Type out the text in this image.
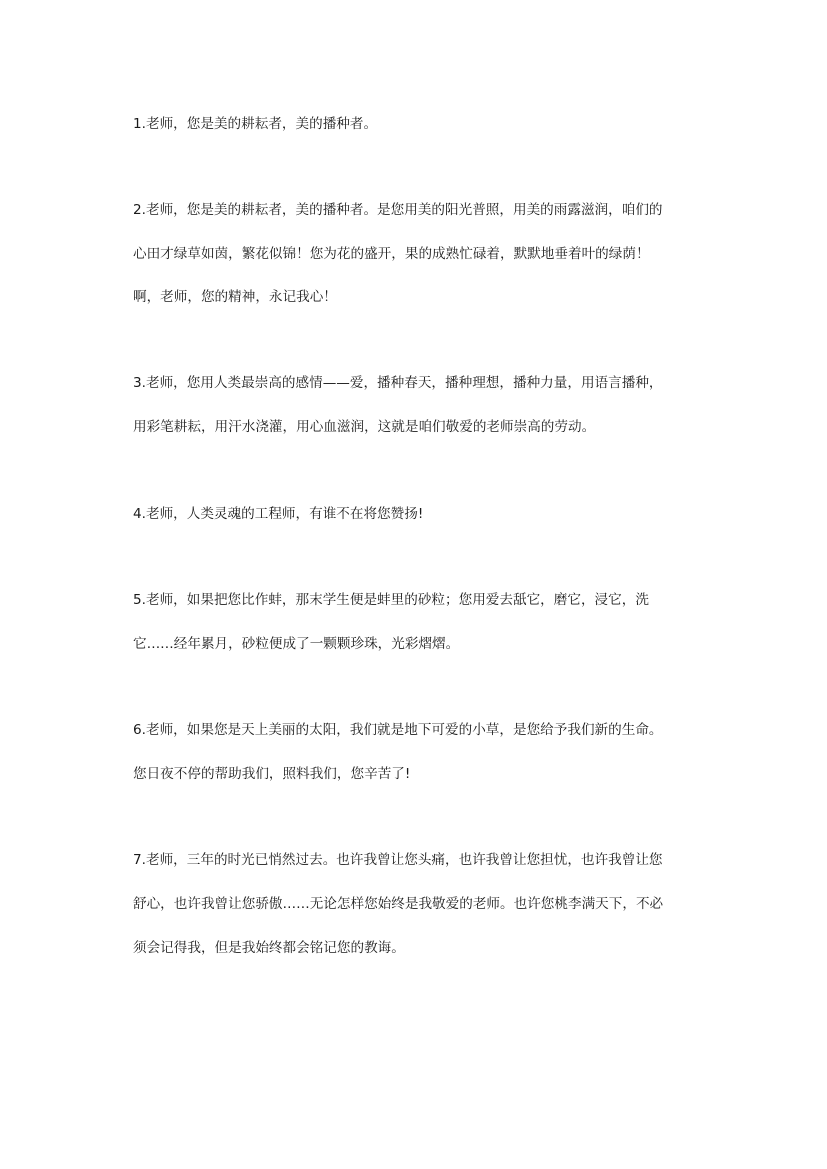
1.老师，您是美的耕耘者，美的播种者。
2.老师，您是美的耕耘者，美的播种者。是您用美的阳光普照，用美的雨露滋润，咱们的
心田才绿草如茵，繁花似锦！您为花的盛开，果的成熟忙碌着，默默地垂着叶的绿荫！
啊，老师，您的精神，永记我心！
3.老师，您用人类最崇高的感情——爱，播种春天，播种理想，播种力量，用语言播种，
用彩笔耕耘，用汗水浇灌，用心血滋润，这就是咱们敬爱的老师崇高的劳动。
4.老师，人类灵魂的工程师，有谁不在将您赞扬!
5.老师，如果把您比作蚌，那末学生便是蚌里的砂粒；您用爱去舐它，磨它，浸它，洗
它……经年累月，砂粒便成了一颗颗珍珠，光彩熠熠。
6.老师，如果您是天上美丽的太阳，我们就是地下可爱的小草，是您给予我们新的生命。
您日夜不停的帮助我们，照料我们，您辛苦了!
7.老师，三年的时光已悄然过去。也许我曾让您头痛，也许我曾让您担忧，也许我曾让您
舒心，也许我曾让您骄傲……无论怎样您始终是我敬爱的老师。也许您桃李满天下，不必
须会记得我，但是我始终都会铭记您的教诲。
